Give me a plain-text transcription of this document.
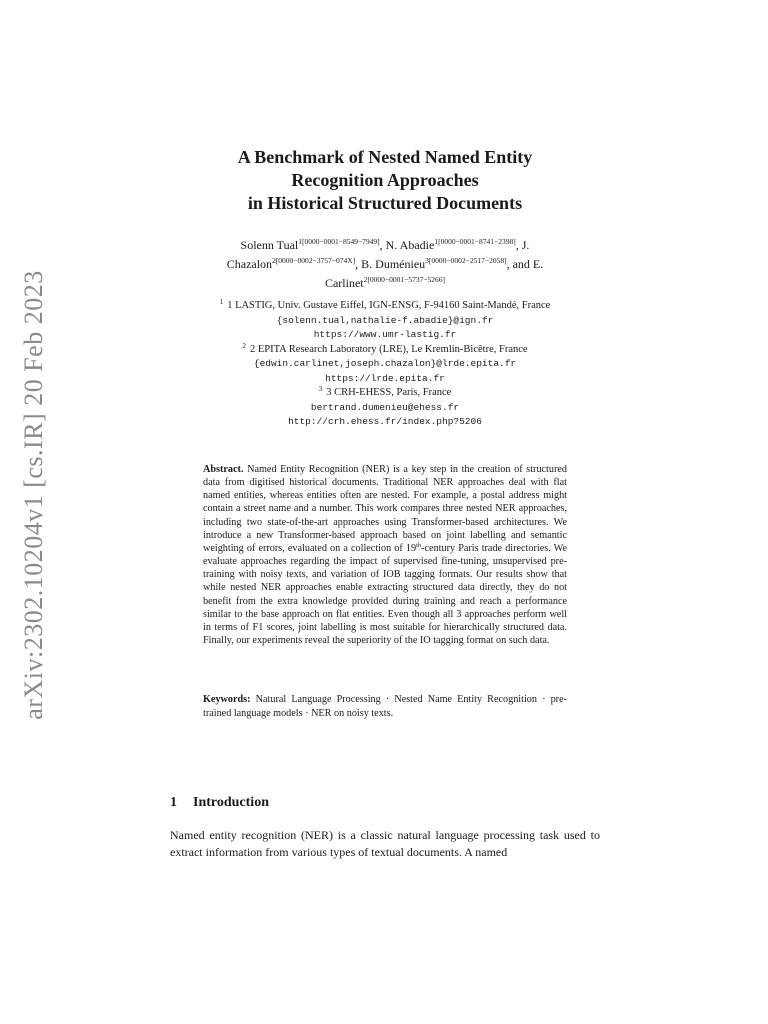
arXiv:2302.10204v1 [cs.IR] 20 Feb 2023
A Benchmark of Nested Named Entity
Recognition Approaches
in Historical Structured Documents
Solenn Tual$^{1[0000-0001-8549-7949]}$, N. Abadie$^{1[0000-0001-8741-2398]}$, J.
Chazalon$^{2[0000-0002-3757-074X]}$, B. Duménieu$^{3[0000-0002-2517-2058]}$, and E.
Carlinet$^{2[0000-0001-5737-5266]}$
$^1$ 1 LASTIG, Univ. Gustave Eiffel, IGN-ENSG, F-94160 Saint-Mandé, France
{solenn.tual,nathalie-f.abadie}@ign.fr
https://www.umr-lastig.fr
$^2$ 2 EPITA Research Laboratory (LRE), Le Kremlin-Bicêtre, France
{edwin.carlinet,joseph.chazalon}@lrde.epita.fr
https://lrde.epita.fr
$^3$ 3 CRH-EHESS, Paris, France
bertrand.dumenieu@ehess.fr
http://crh.ehess.fr/index.php?5206
Abstract. Named Entity Recognition (NER) is a key step in the creation of structured data from digitised historical documents. Traditional NER approaches deal with flat named entities, whereas entities often are nested. For example, a postal address might contain a street name and a number. This work compares three nested NER approaches, including two state-of-the-art approaches using Transformer-based architectures. We introduce a new Transformer-based approach based on joint labelling and semantic weighting of errors, evaluated on a collection of 19th-century Paris trade directories. We evaluate approaches regarding the impact of supervised fine-tuning, unsupervised pre-training with noisy texts, and variation of IOB tagging formats. Our results show that while nested NER approaches enable extracting structured data directly, they do not benefit from the extra knowledge provided during training and reach a performance similar to the base approach on flat entities. Even though all 3 approaches perform well in terms of F1 scores, joint labelling is most suitable for hierarchically structured data. Finally, our experiments reveal the superiority of the IO tagging format on such data.
Keywords: Natural Language Processing · Nested Name Entity Recognition · pre-trained language models · NER on noisy texts.
1 Introduction
Named entity recognition (NER) is a classic natural language processing task used to extract information from various types of textual documents. A named
